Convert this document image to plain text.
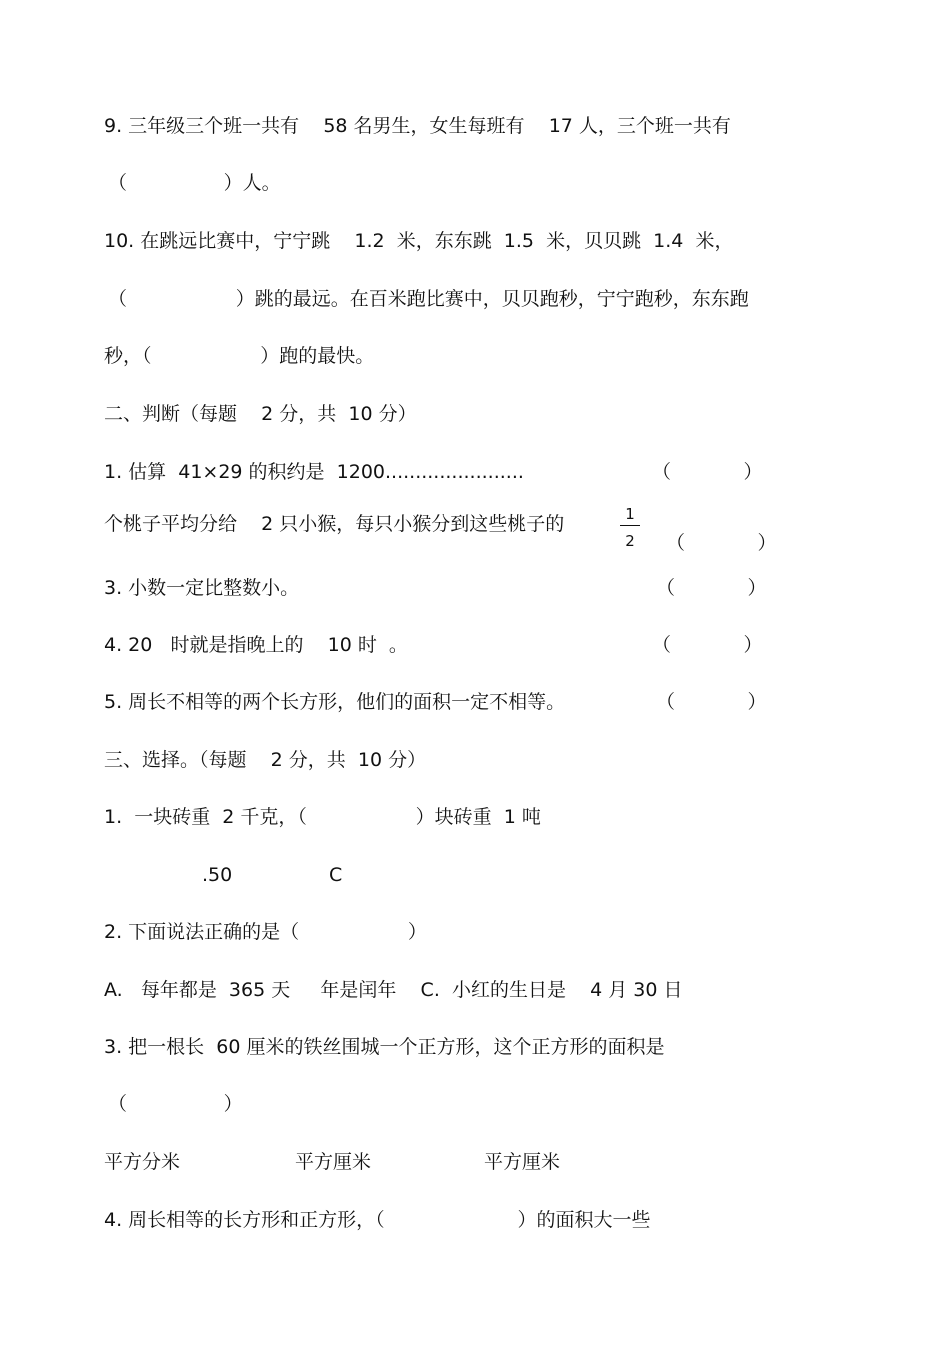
9. 三年级三个班一共有    58 名男生，女生每班有    17 人，三个班一共有
（                ）人。
10. 在跳远比赛中，宁宁跳    1.2  米，东东跳  1.5  米，贝贝跳  1.4  米，
（                  ）跳的最远。在百米跑比赛中，贝贝跑秒，宁宁跑秒，东东跑
秒，（                  ）跑的最快。
二、判断（每题    2 分，共  10 分）
1. 估算  41×29 的积约是  1200.......................	（            ）
个桃子平均分给    2 只小猴，每只小猴分到这些桃子的	1
2 （            ）
3. 小数一定比整数小。	（            ）
4. 20   时就是指晚上的    10 时  。	（            ）
5. 周长不相等的两个长方形，他们的面积一定不相等。	（            ）
三、选择。（每题    2 分，共  10 分）
1.  一块砖重  2 千克，（                  ）块砖重  1 吨
.50	C
2. 下面说法正确的是（                  ）
A.   每年都是  365 天     年是闰年    C.  小红的生日是    4 月 30 日
3. 把一根长  60 厘米的铁丝围城一个正方形，这个正方形的面积是
（                ）
平方分米	平方厘米	平方厘米
4. 周长相等的长方形和正方形，（                      ）的面积大一些
